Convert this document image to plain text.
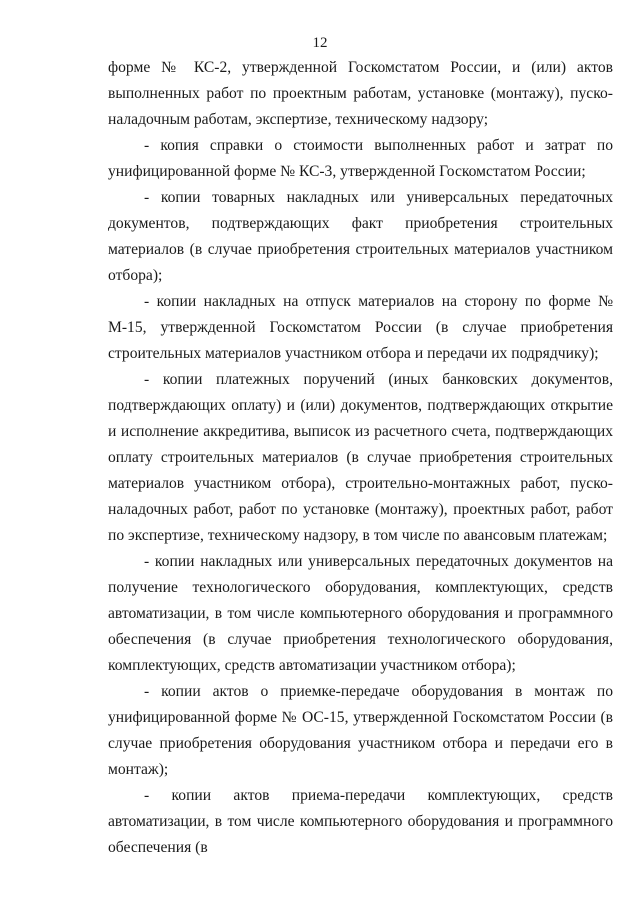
12

форме № КС-2, утвержденной Госкомстатом России, и (или) актов выполненных работ по проектным работам, установке (монтажу), пуско-наладочным работам, экспертизе, техническому надзору;

- копия справки о стоимости выполненных работ и затрат по унифицированной форме № КС-3, утвержденной Госкомстатом России;

- копии товарных накладных или универсальных передаточных документов, подтверждающих факт приобретения строительных материалов (в случае приобретения строительных материалов участником отбора);

- копии накладных на отпуск материалов на сторону по форме № М-15, утвержденной Госкомстатом России (в случае приобретения строительных материалов участником отбора и передачи их подрядчику);

- копии платежных поручений (иных банковских документов, подтверждающих оплату) и (или) документов, подтверждающих открытие и исполнение аккредитива, выписок из расчетного счета, подтверждающих оплату строительных материалов (в случае приобретения строительных материалов участником отбора), строительно-монтажных работ, пуско- наладочных работ, работ по установке (монтажу), проектных работ, работ по экспертизе, техническому надзору, в том числе по авансовым платежам;

- копии накладных или универсальных передаточных документов на получение технологического оборудования, комплектующих, средств автоматизации, в том числе компьютерного оборудования и программного обеспечения (в случае приобретения технологического оборудования, комплектующих, средств автоматизации участником отбора);

- копии актов о приемке-передаче оборудования в монтаж по унифицированной форме № ОС-15, утвержденной Госкомстатом России (в случае приобретения оборудования участником отбора и передачи его в монтаж);

- копии актов приема-передачи комплектующих, средств автоматизации, в том числе компьютерного оборудования и программного обеспечения (в
